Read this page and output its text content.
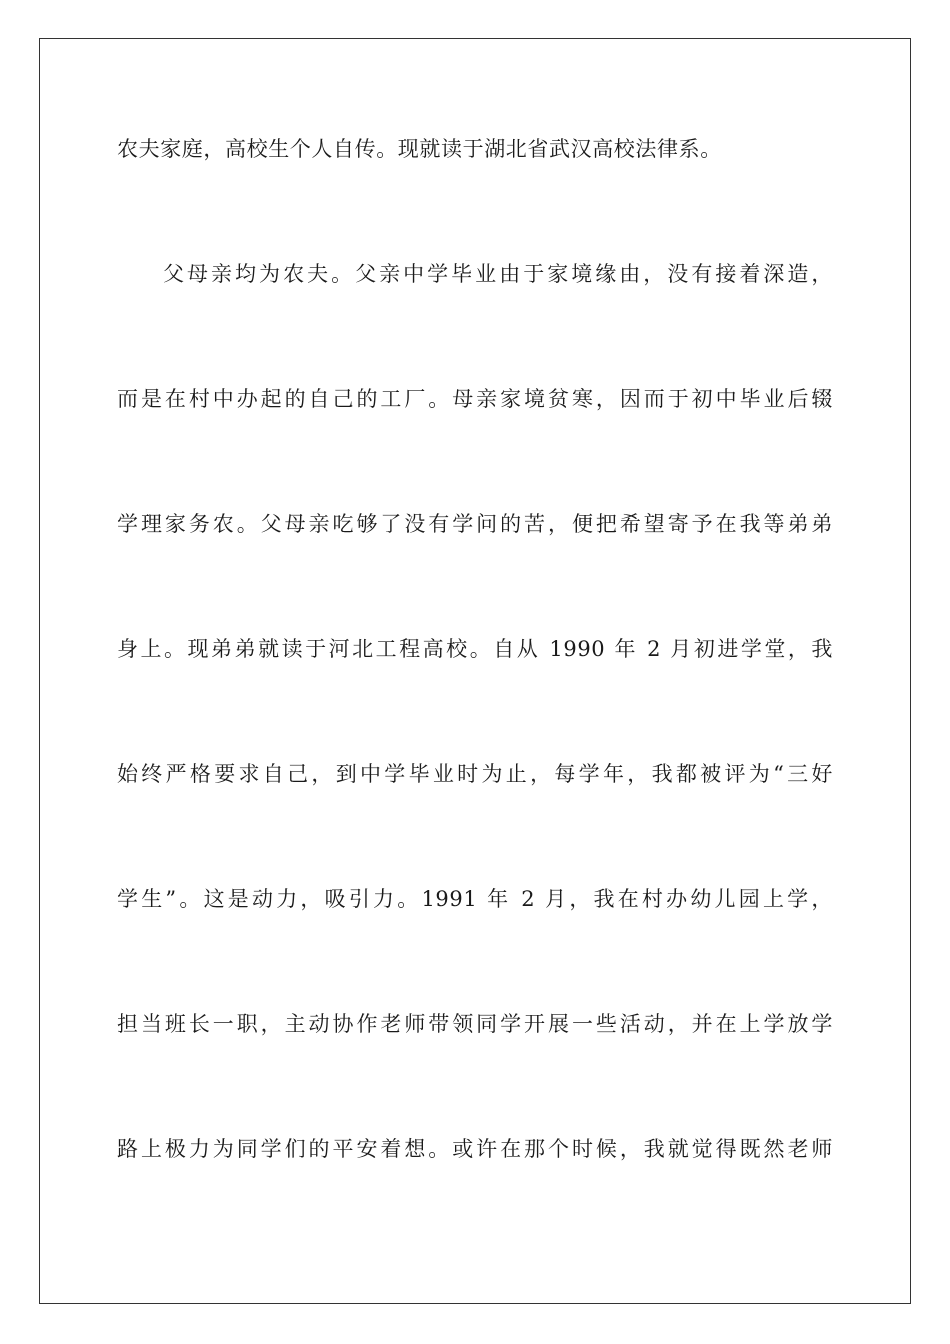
农夫家庭，高校生个人自传。现就读于湖北省武汉高校法律系。
父母亲均为农夫。父亲中学毕业由于家境缘由，没有接着深造，
而是在村中办起的自己的工厂。母亲家境贫寒，因而于初中毕业后辍
学理家务农。父母亲吃够了没有学问的苦，便把希望寄予在我等弟弟
身上。现弟弟就读于河北工程高校。自从 1990 年 2 月初进学堂，我
始终严格要求自己，到中学毕业时为止，每学年，我都被评为“三好
学生”。这是动力，吸引力。1991 年 2 月，我在村办幼儿园上学，
担当班长一职，主动协作老师带领同学开展一些活动，并在上学放学
路上极力为同学们的平安着想。或许在那个时候，我就觉得既然老师
